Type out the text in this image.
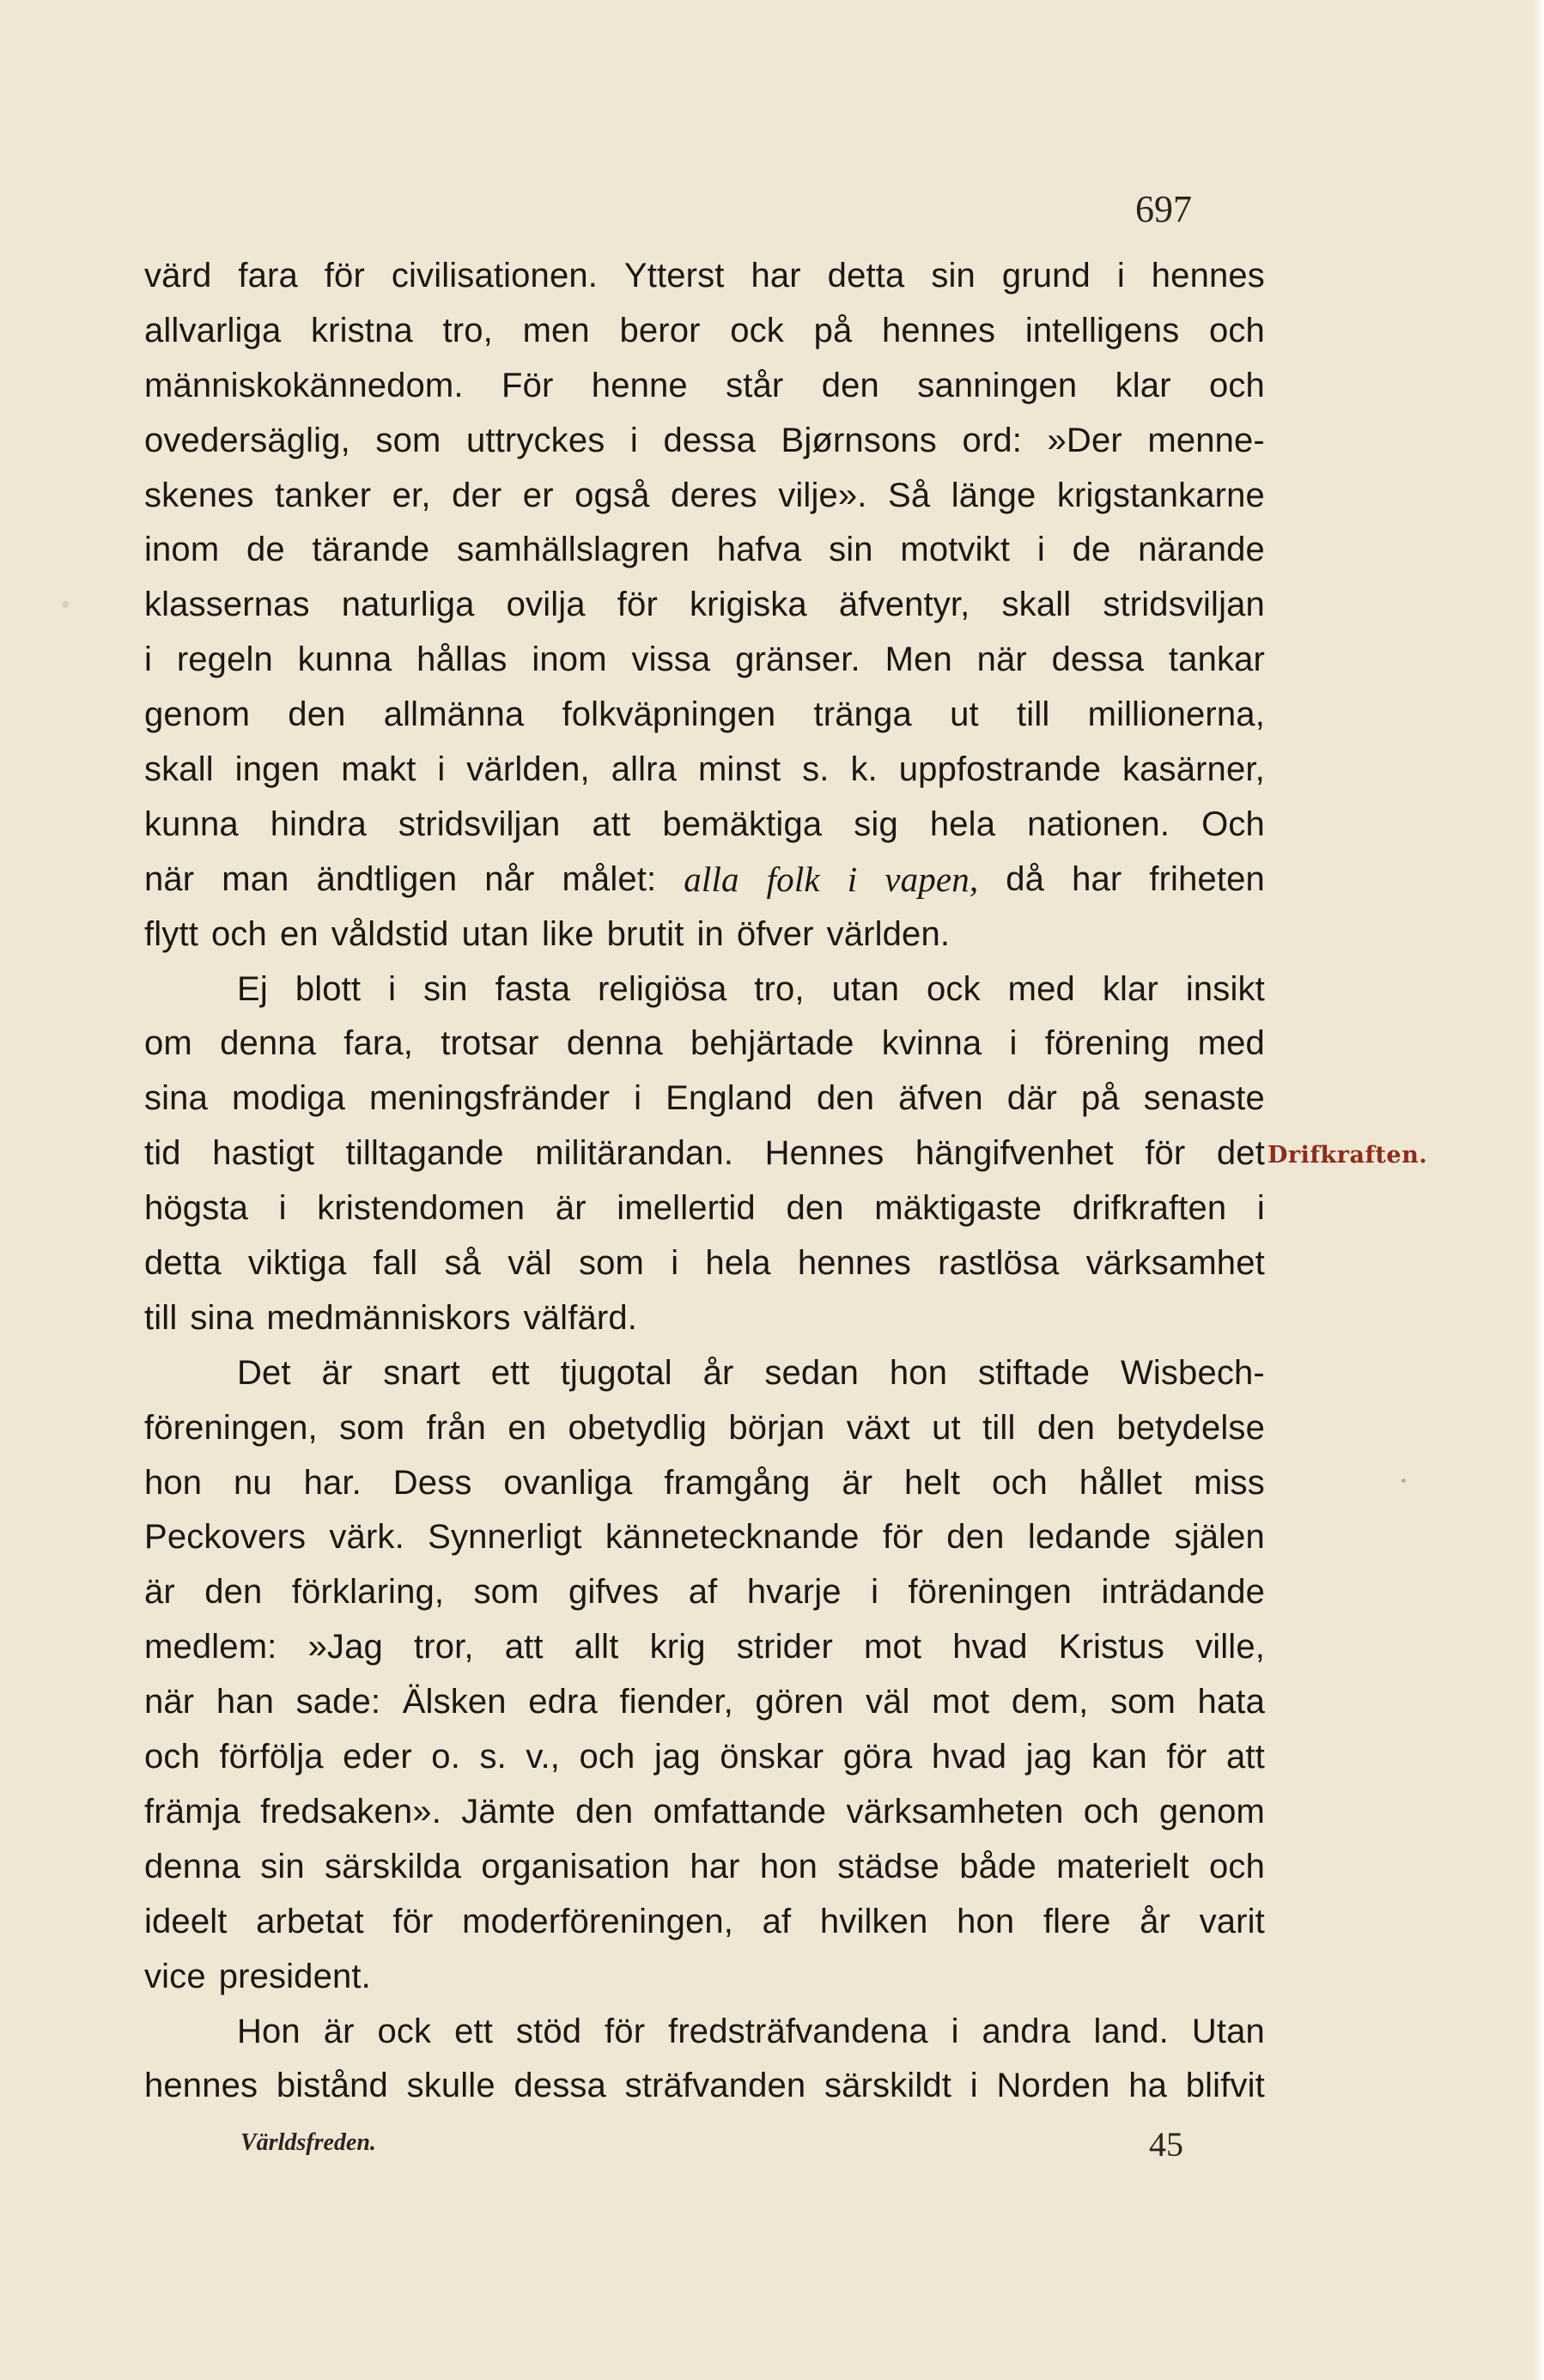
697
värd fara för civilisationen. Ytterst har detta sin grund i hennes
allvarliga kristna tro, men beror ock på hennes intelligens och
människokännedom. För henne står den sanningen klar och
ovedersäglig, som uttryckes i dessa Bjørnsons ord: »Der menne-
skenes tanker er, der er også deres vilje». Så länge krigstankarne
inom de tärande samhällslagren hafva sin motvikt i de närande
klassernas naturliga ovilja för krigiska äfventyr, skall stridsviljan
i regeln kunna hållas inom vissa gränser. Men när dessa tankar
genom den allmänna folkväpningen tränga ut till millionerna,
skall ingen makt i världen, allra minst s. k. uppfostrande kasärner,
kunna hindra stridsviljan att bemäktiga sig hela nationen. Och
när man ändtligen når målet: alla folk i vapen, då har friheten
flytt och en våldstid utan like brutit in öfver världen.
Ej blott i sin fasta religiösa tro, utan ock med klar insikt
om denna fara, trotsar denna behjärtade kvinna i förening med
sina modiga meningsfränder i England den äfven där på senaste
tid hastigt tilltagande militärandan. Hennes hängifvenhet för det
högsta i kristendomen är imellertid den mäktigaste drifkraften i
detta viktiga fall så väl som i hela hennes rastlösa värksamhet
till sina medmänniskors välfärd.
Det är snart ett tjugotal år sedan hon stiftade Wisbech-
föreningen, som från en obetydlig början växt ut till den betydelse
hon nu har. Dess ovanliga framgång är helt och hållet miss
Peckovers värk. Synnerligt kännetecknande för den ledande själen
är den förklaring, som gifves af hvarje i föreningen inträdande
medlem: »Jag tror, att allt krig strider mot hvad Kristus ville,
när han sade: Älsken edra fiender, gören väl mot dem, som hata
och förfölja eder o. s. v., och jag önskar göra hvad jag kan för att
främja fredsaken». Jämte den omfattande värksamheten och genom
denna sin särskilda organisation har hon städse både materielt och
ideelt arbetat för moderföreningen, af hvilken hon flere år varit
vice president.
Hon är ock ett stöd för fredsträfvandena i andra land. Utan
hennes bistånd skulle dessa sträfvanden särskildt i Norden ha blifvit
Drifkraften.
Världsfreden.	45
